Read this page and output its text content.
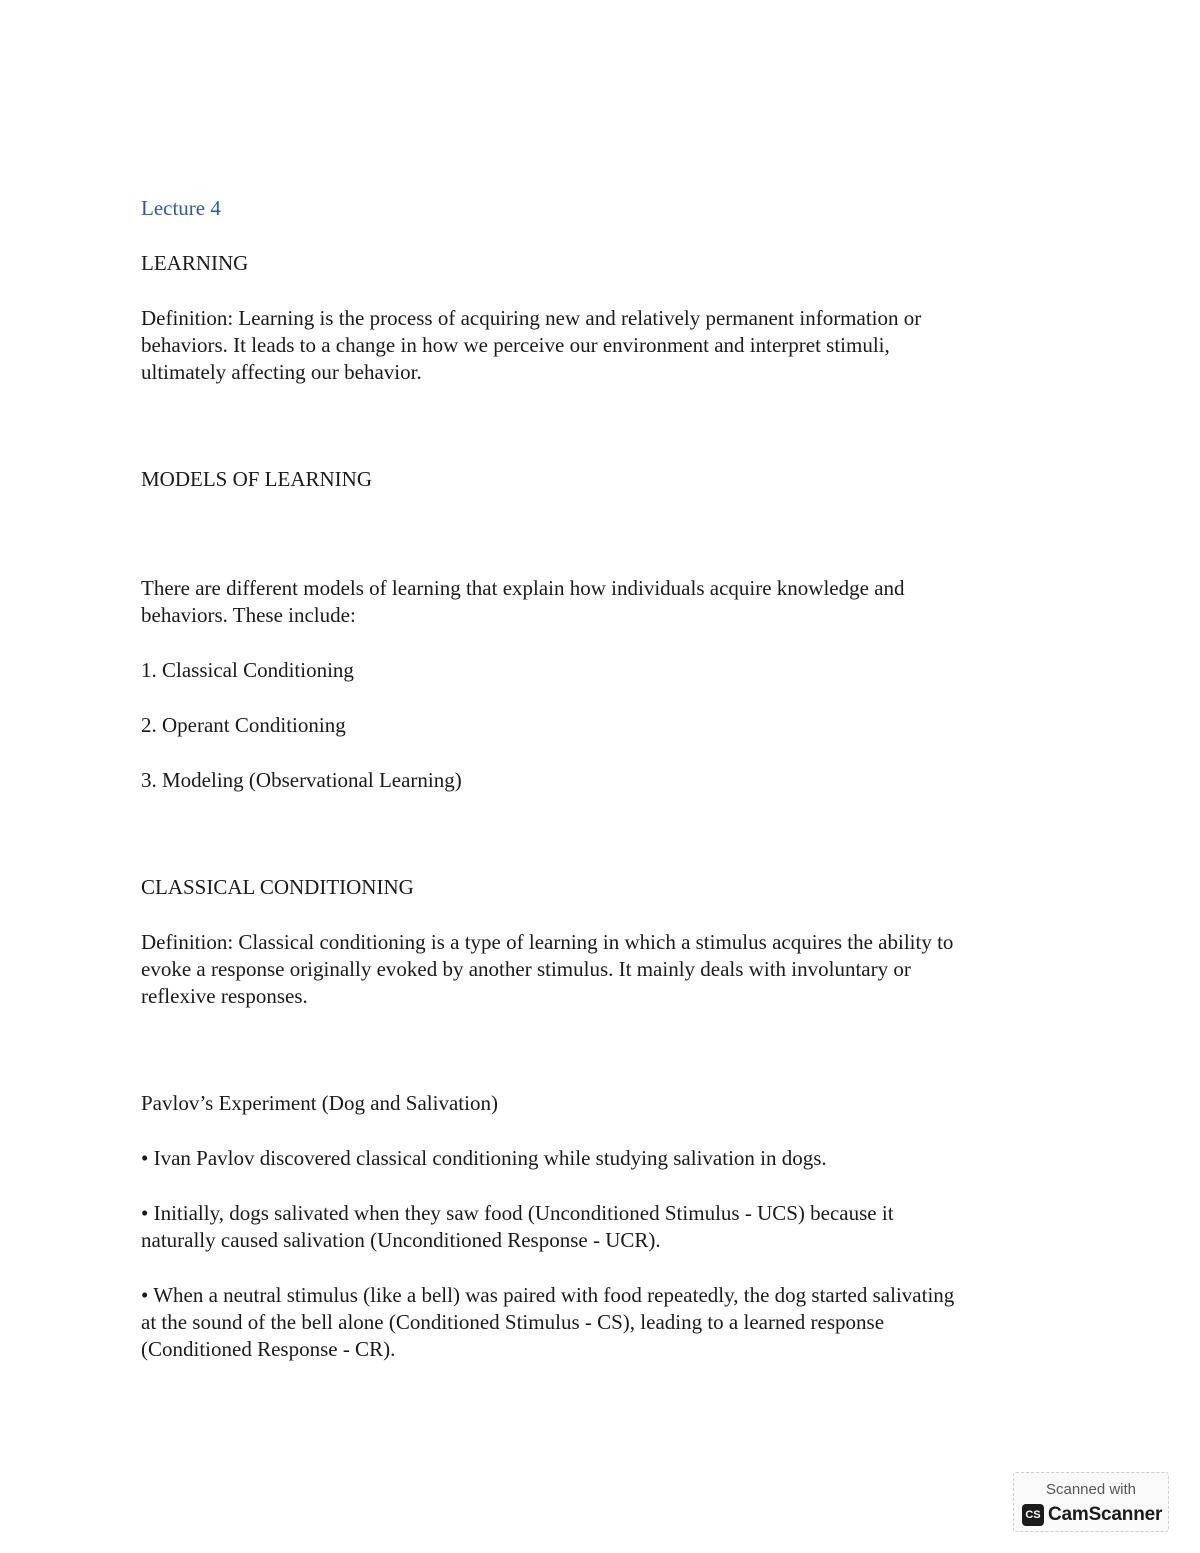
Lecture 4

LEARNING

Definition: Learning is the process of acquiring new and relatively permanent information or

behaviors. It leads to a change in how we perceive our environment and interpret stimuli,

ultimately affecting our behavior.

MODELS OF LEARNING

There are different models of learning that explain how individuals acquire knowledge and

behaviors. These include:

1. Classical Conditioning

2. Operant Conditioning

3. Modeling (Observational Learning)

CLASSICAL CONDITIONING

Definition: Classical conditioning is a type of learning in which a stimulus acquires the ability to

evoke a response originally evoked by another stimulus. It mainly deals with involuntary or

reflexive responses.

Pavlov’s Experiment (Dog and Salivation)

• Ivan Pavlov discovered classical conditioning while studying salivation in dogs.

• Initially, dogs salivated when they saw food (Unconditioned Stimulus - UCS) because it

naturally caused salivation (Unconditioned Response - UCR).

• When a neutral stimulus (like a bell) was paired with food repeatedly, the dog started salivating

at the sound of the bell alone (Conditioned Stimulus - CS), leading to a learned response

(Conditioned Response - CR).

Scanned with
CS CamScanner
